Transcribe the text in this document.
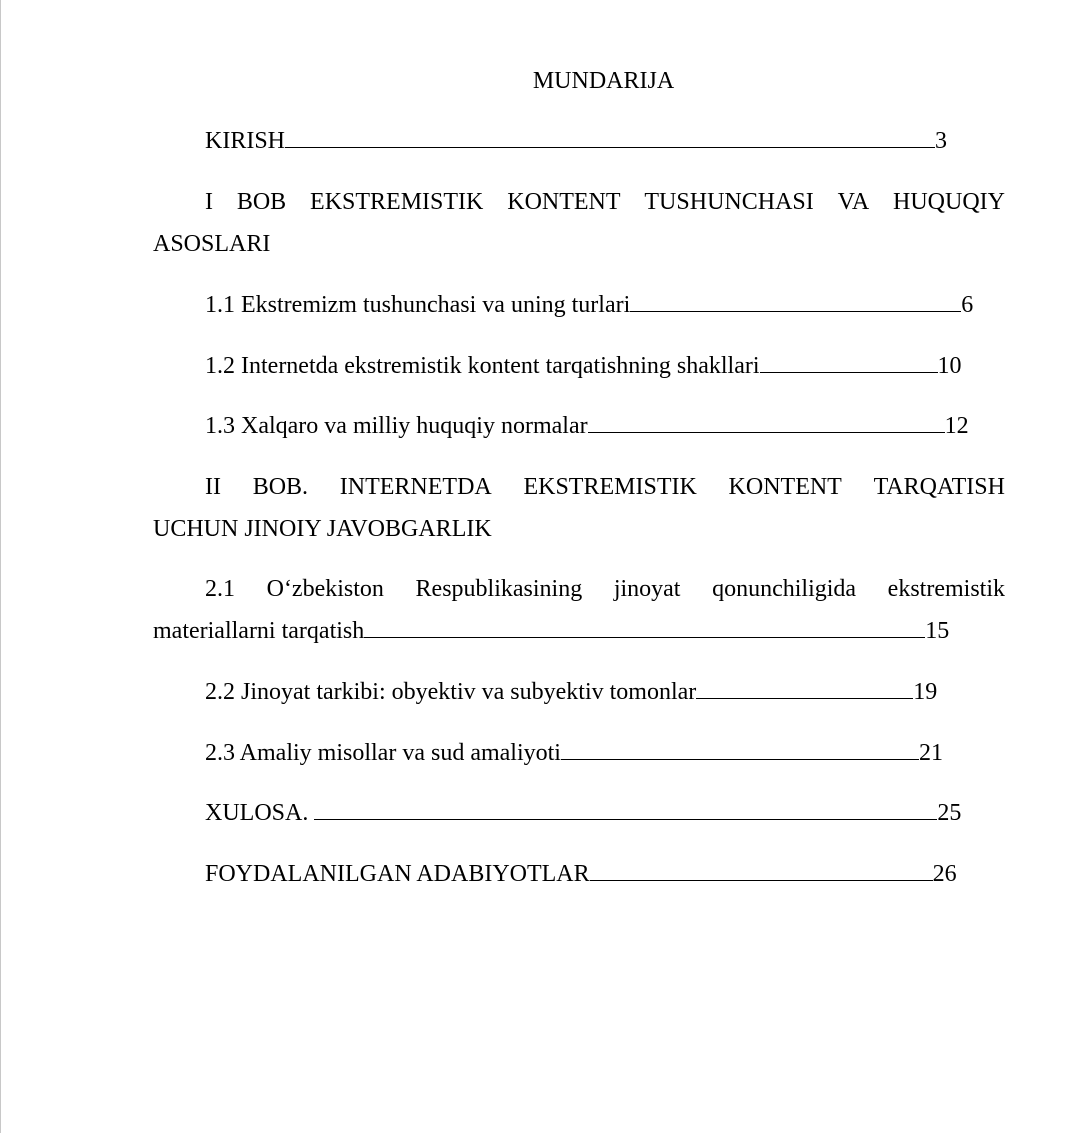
MUNDARIJA
KIRISH	3
I BOB EKSTREMISTIK KONTENT TUSHUNCHASI VA HUQUQIY
ASOSLARI
1.1 Ekstremizm tushunchasi va uning turlari	6
1.2 Internetda ekstremistik kontent tarqatishning shakllari	10
1.3 Xalqaro va milliy huquqiy normalar	12
II BOB. INTERNETDA EKSTREMISTIK KONTENT TARQATISH
UCHUN JINOIY JAVOBGARLIK
2.1 O‘zbekiston Respublikasining jinoyat qonunchiligida ekstremistik
materiallarni tarqatish	15
2.2 Jinoyat tarkibi: obyektiv va subyektiv tomonlar	19
2.3 Amaliy misollar va sud amaliyoti	21
XULOSA.	25
FOYDALANILGAN ADABIYOTLAR	26
